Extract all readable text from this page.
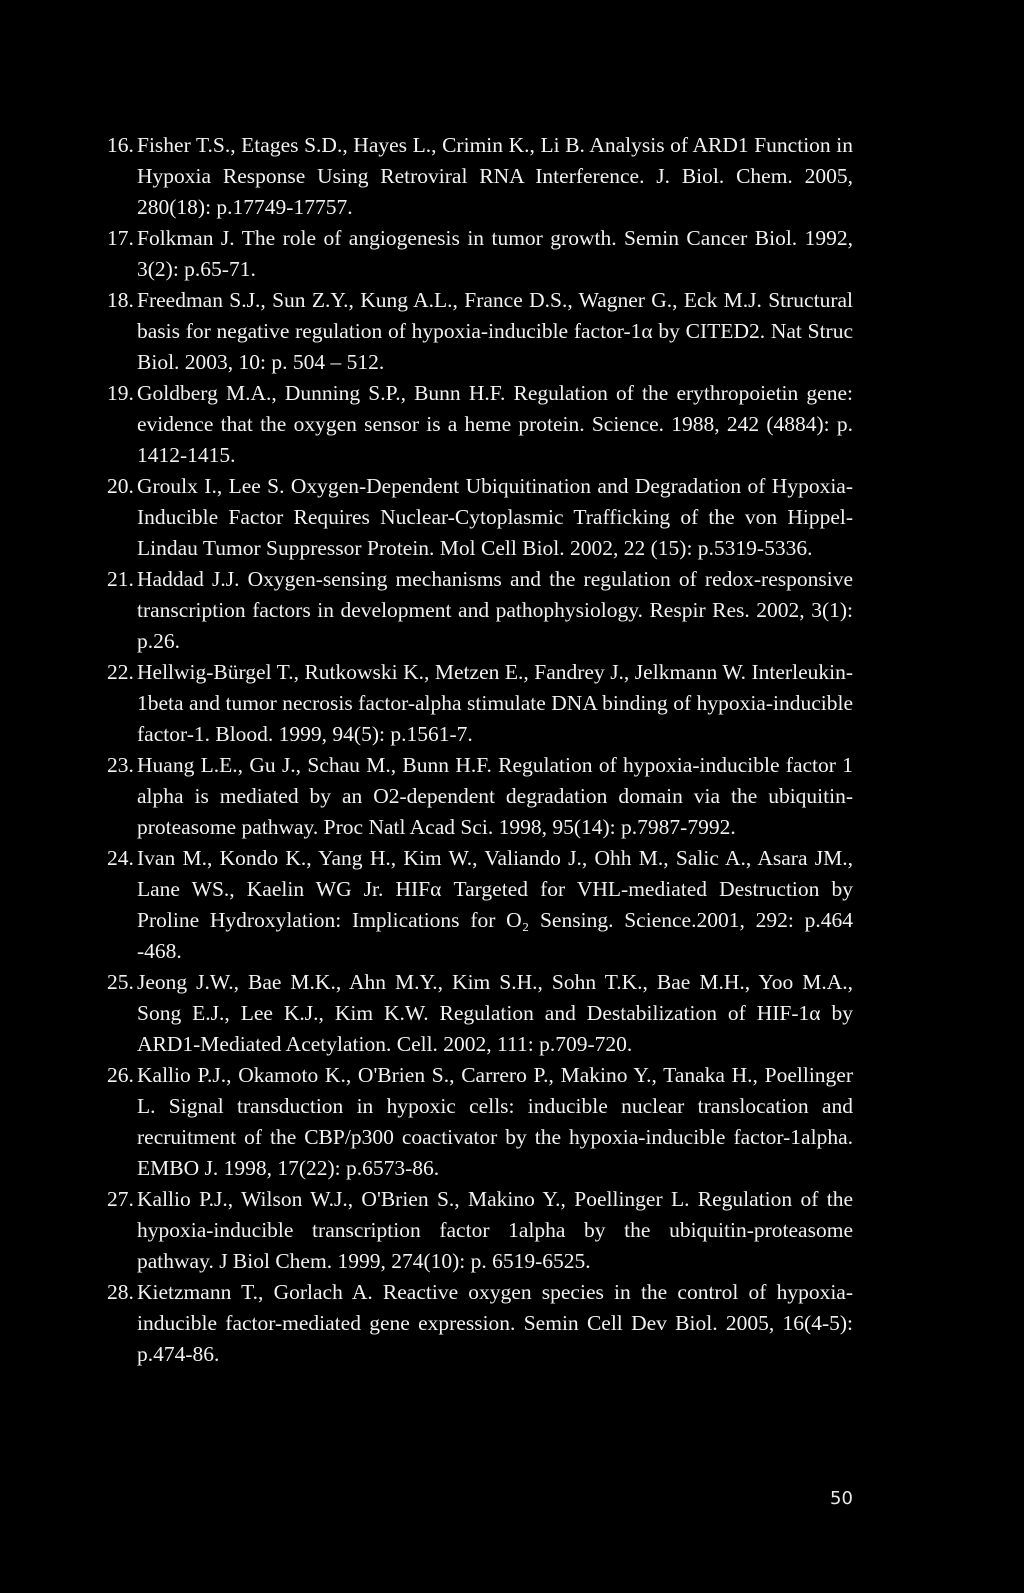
16. Fisher T.S., Etages S.D., Hayes L., Crimin K., Li B. Analysis of ARD1 Function in Hypoxia Response Using Retroviral RNA Interference. J. Biol. Chem. 2005, 280(18): p.17749-17757.
17. Folkman J. The role of angiogenesis in tumor growth. Semin Cancer Biol. 1992, 3(2): p.65-71.
18. Freedman S.J., Sun Z.Y., Kung A.L., France D.S., Wagner G., Eck M.J. Structural basis for negative regulation of hypoxia-inducible factor-1α by CITED2. Nat Struc Biol. 2003, 10: p. 504 – 512.
19. Goldberg M.A., Dunning S.P., Bunn H.F. Regulation of the erythropoietin gene: evidence that the oxygen sensor is a heme protein. Science. 1988, 242 (4884): p. 1412-1415.
20. Groulx I., Lee S. Oxygen-Dependent Ubiquitination and Degradation of Hypoxia-Inducible Factor Requires Nuclear-Cytoplasmic Trafficking of the von Hippel-Lindau Tumor Suppressor Protein. Mol Cell Biol. 2002, 22 (15): p.5319-5336.
21. Haddad J.J. Oxygen-sensing mechanisms and the regulation of redox-responsive transcription factors in development and pathophysiology. Respir Res. 2002, 3(1): p.26.
22. Hellwig-Bürgel T., Rutkowski K., Metzen E., Fandrey J., Jelkmann W. Interleukin-1beta and tumor necrosis factor-alpha stimulate DNA binding of hypoxia-inducible factor-1. Blood. 1999, 94(5): p.1561-7.
23. Huang L.E., Gu J., Schau M., Bunn H.F. Regulation of hypoxia-inducible factor 1 alpha is mediated by an O2-dependent degradation domain via the ubiquitin-proteasome pathway. Proc Natl Acad Sci. 1998, 95(14): p.7987-7992.
24. Ivan M., Kondo K., Yang H., Kim W., Valiando J., Ohh M., Salic A., Asara JM., Lane WS., Kaelin WG Jr. HIFα Targeted for VHL-mediated Destruction by Proline Hydroxylation: Implications for O₂ Sensing. Science.2001, 292: p.464 -468.
25. Jeong J.W., Bae M.K., Ahn M.Y., Kim S.H., Sohn T.K., Bae M.H., Yoo M.A., Song E.J., Lee K.J., Kim K.W. Regulation and Destabilization of HIF-1α by ARD1-Mediated Acetylation. Cell. 2002, 111: p.709-720.
26. Kallio P.J., Okamoto K., O'Brien S., Carrero P., Makino Y., Tanaka H., Poellinger L. Signal transduction in hypoxic cells: inducible nuclear translocation and recruitment of the CBP/p300 coactivator by the hypoxia-inducible factor-1alpha. EMBO J. 1998, 17(22): p.6573-86.
27. Kallio P.J., Wilson W.J., O'Brien S., Makino Y., Poellinger L. Regulation of the hypoxia-inducible transcription factor 1alpha by the ubiquitin-proteasome pathway. J Biol Chem. 1999, 274(10): p. 6519-6525.
28. Kietzmann T., Gorlach A. Reactive oxygen species in the control of hypoxia-inducible factor-mediated gene expression. Semin Cell Dev Biol. 2005, 16(4-5): p.474-86.
50
